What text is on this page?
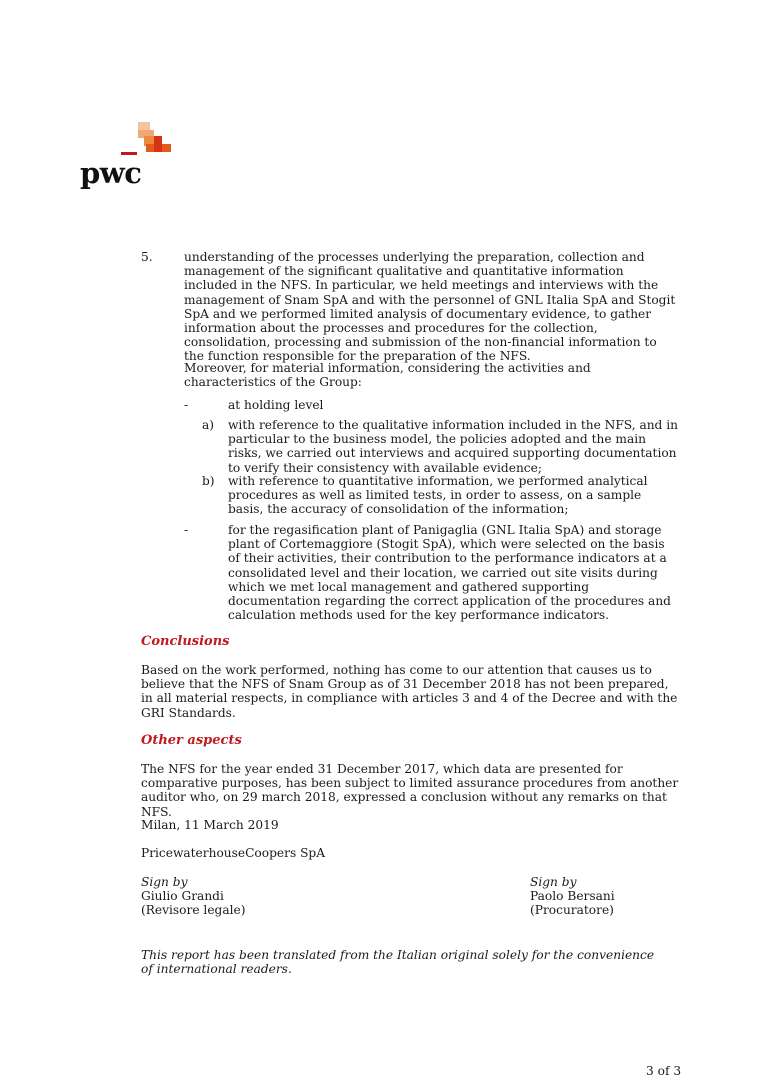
pwc
5.	understanding of the processes underlying the preparation, collection and management of the significant qualitative and quantitative information included in the NFS. In particular, we held meetings and interviews with the management of Snam SpA and with the personnel of GNL Italia SpA and Stogit SpA and we performed limited analysis of documentary evidence, to gather information about the processes and procedures for the collection, consolidation, processing and submission of the non-financial information to the function responsible for the preparation of the NFS.

Moreover, for material information, considering the activities and characteristics of the Group:

-	at holding level
a) with reference to the qualitative information included in the NFS, and in particular to the business model, the policies adopted and the main risks, we carried out interviews and acquired supporting documentation to verify their consistency with available evidence;

b) with reference to quantitative information, we performed analytical procedures as well as limited tests, in order to assess, on a sample basis, the accuracy of consolidation of the information;

-	for the regasification plant of Panigaglia (GNL Italia SpA) and storage plant of Cortemaggiore (Stogit SpA), which were selected on the basis of their activities, their contribution to the performance indicators at a consolidated level and their location, we carried out site visits during which we met local management and gathered supporting documentation regarding the correct application of the procedures and calculation methods used for the key performance indicators.

Conclusions

Based on the work performed, nothing has come to our attention that causes us to believe that the NFS of Snam Group as of 31 December 2018 has not been prepared, in all material respects, in compliance with articles 3 and 4 of the Decree and with the GRI Standards.

Other aspects

The NFS for the year ended 31 December 2017, which data are presented for comparative purposes, has been subject to limited assurance procedures from another auditor who, on 29 march 2018, expressed a conclusion without any remarks on that NFS.

Milan, 11 March 2019
PricewaterhouseCoopers SpA
Sign by
Giulio Grandi
(Revisore legale)
Sign by
Paolo Bersani
(Procuratore)

This report has been translated from the Italian original solely for the convenience of international readers.

3 of 3
